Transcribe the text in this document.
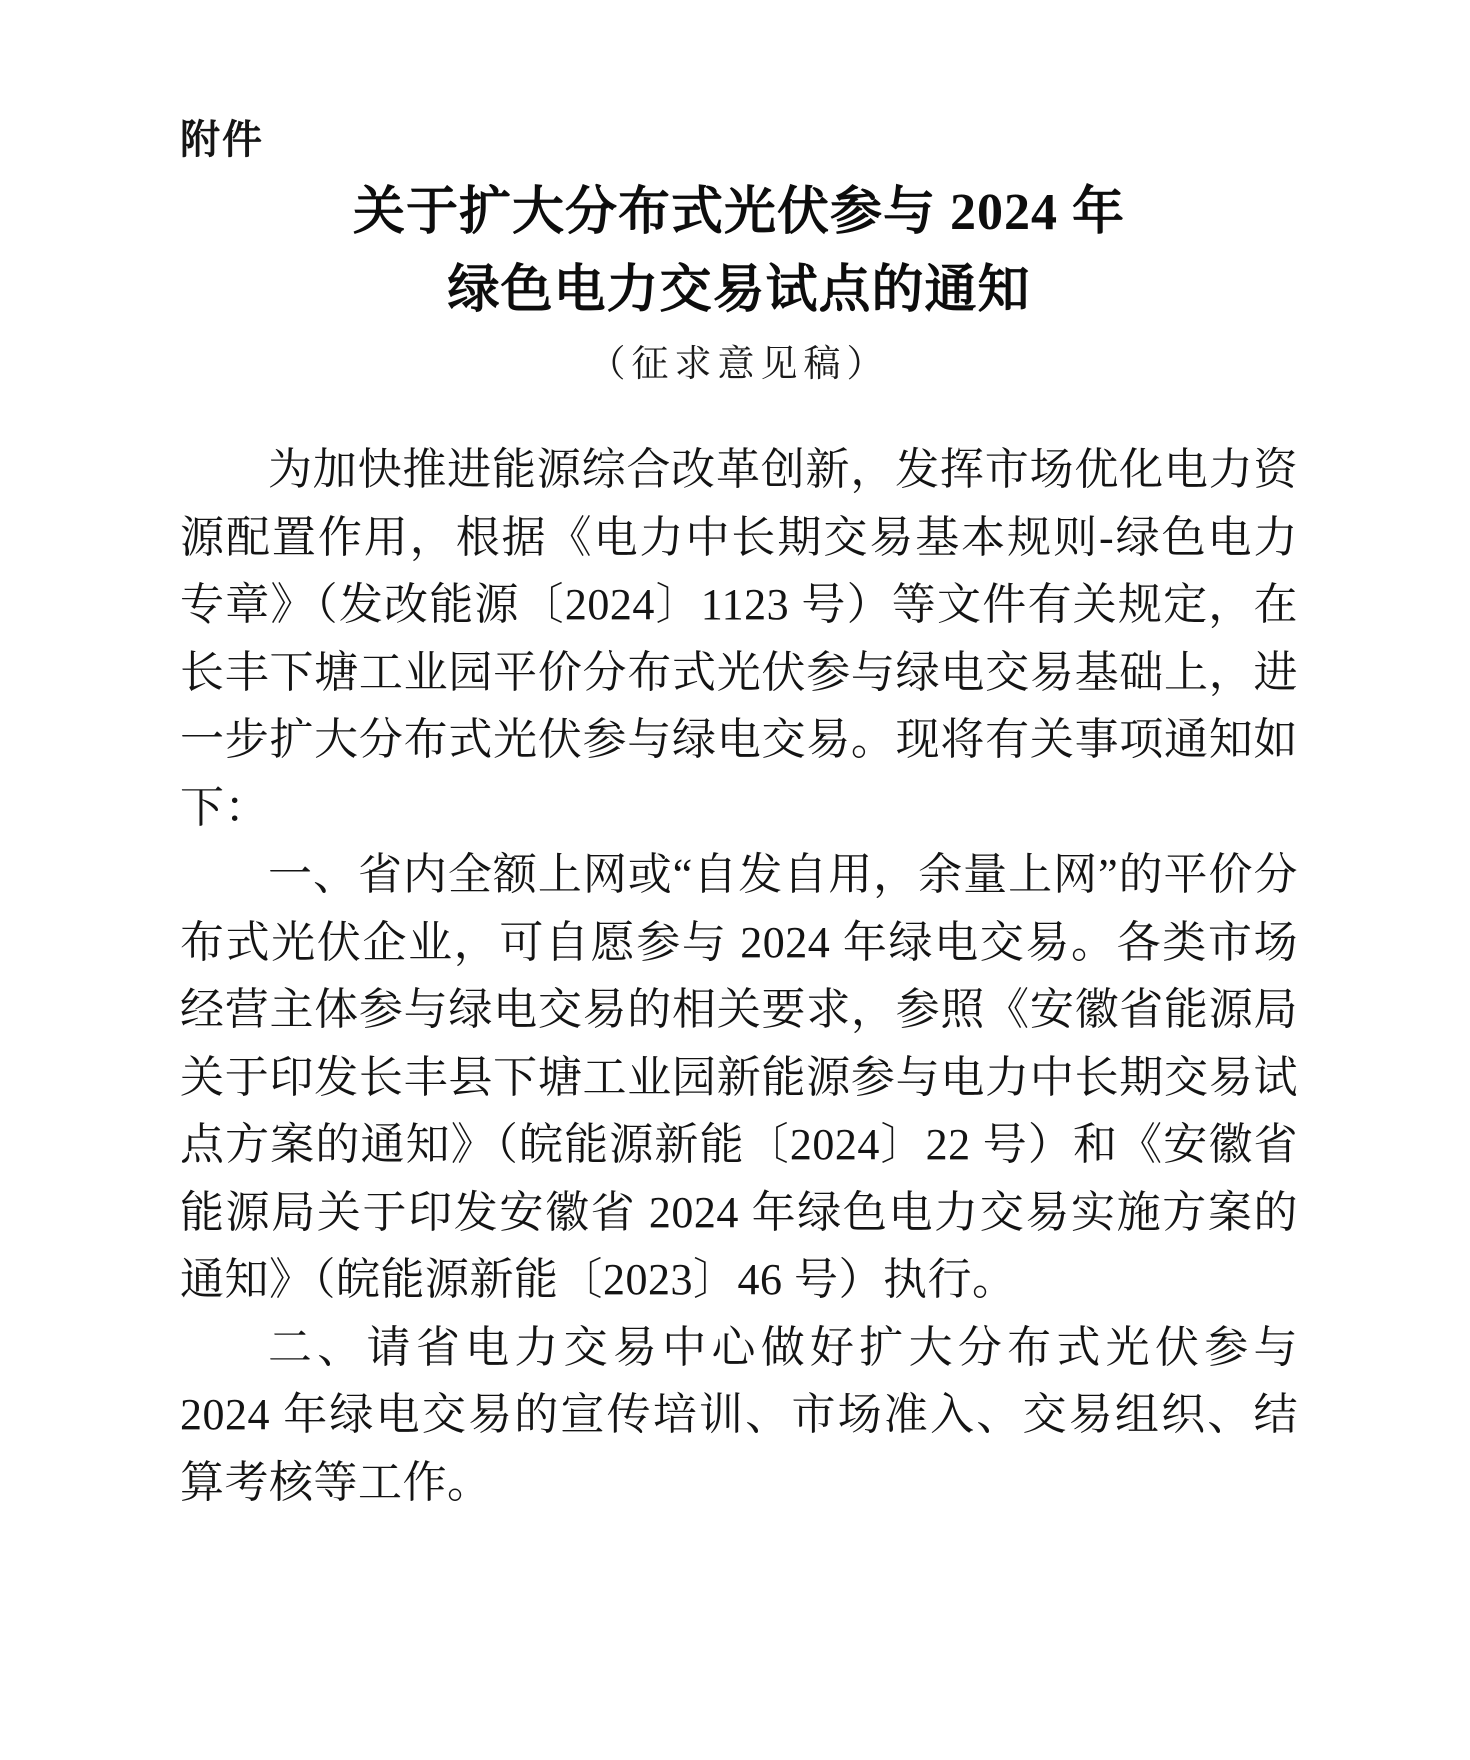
附件
关于扩大分布式光伏参与 2024 年
绿色电力交易试点的通知
（征求意见稿）

为加快推进能源综合改革创新，发挥市场优化电力资源配置作用，根据《电力中长期交易基本规则-绿色电力专章》（发改能源〔2024〕1123 号）等文件有关规定，在长丰下塘工业园平价分布式光伏参与绿电交易基础上，进一步扩大分布式光伏参与绿电交易。现将有关事项通知如下：

一、省内全额上网或“自发自用，余量上网”的平价分布式光伏企业，可自愿参与 2024 年绿电交易。各类市场经营主体参与绿电交易的相关要求，参照《安徽省能源局关于印发长丰县下塘工业园新能源参与电力中长期交易试点方案的通知》（皖能源新能〔2024〕22 号）和《安徽省能源局关于印发安徽省 2024 年绿色电力交易实施方案的通知》（皖能源新能〔2023〕46 号）执行。

二、请省电力交易中心做好扩大分布式光伏参与 2024 年绿电交易的宣传培训、市场准入、交易组织、结算考核等工作。
